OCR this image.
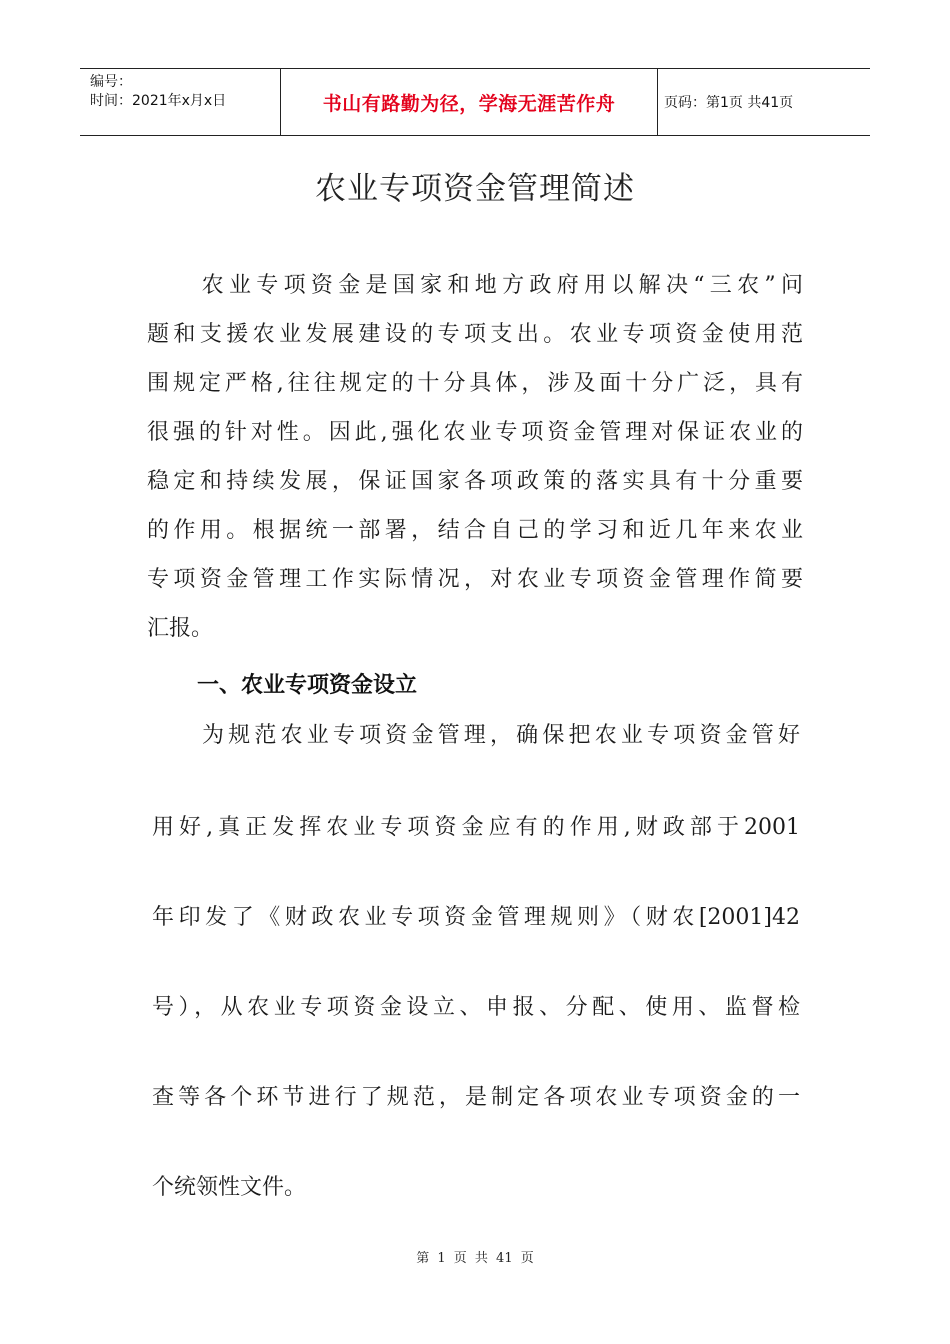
编号：
时间：2021年x月x日	书山有路勤为径，学海无涯苦作舟	页码：第1页 共41页
农业专项资金管理简述
　　农业专项资金是国家和地方政府用以解决“三农”问
题和支援农业发展建设的专项支出。农业专项资金使用范
围规定严格,往往规定的十分具体，涉及面十分广泛，具有
很强的针对性。因此,强化农业专项资金管理对保证农业的
稳定和持续发展，保证国家各项政策的落实具有十分重要
的作用。根据统一部署，结合自己的学习和近几年来农业
专项资金管理工作实际情况，对农业专项资金管理作简要
汇报。
一、农业专项资金设立
为规范农业专项资金管理，确保把农业专项资金管好
用好,真正发挥农业专项资金应有的作用,财政部于2001
年印发了《财政农业专项资金管理规则》（财农[2001]42
号），从农业专项资金设立、申报、分配、使用、监督检
查等各个环节进行了规范，是制定各项农业专项资金的一
个统领性文件。
第 1 页 共 41 页
